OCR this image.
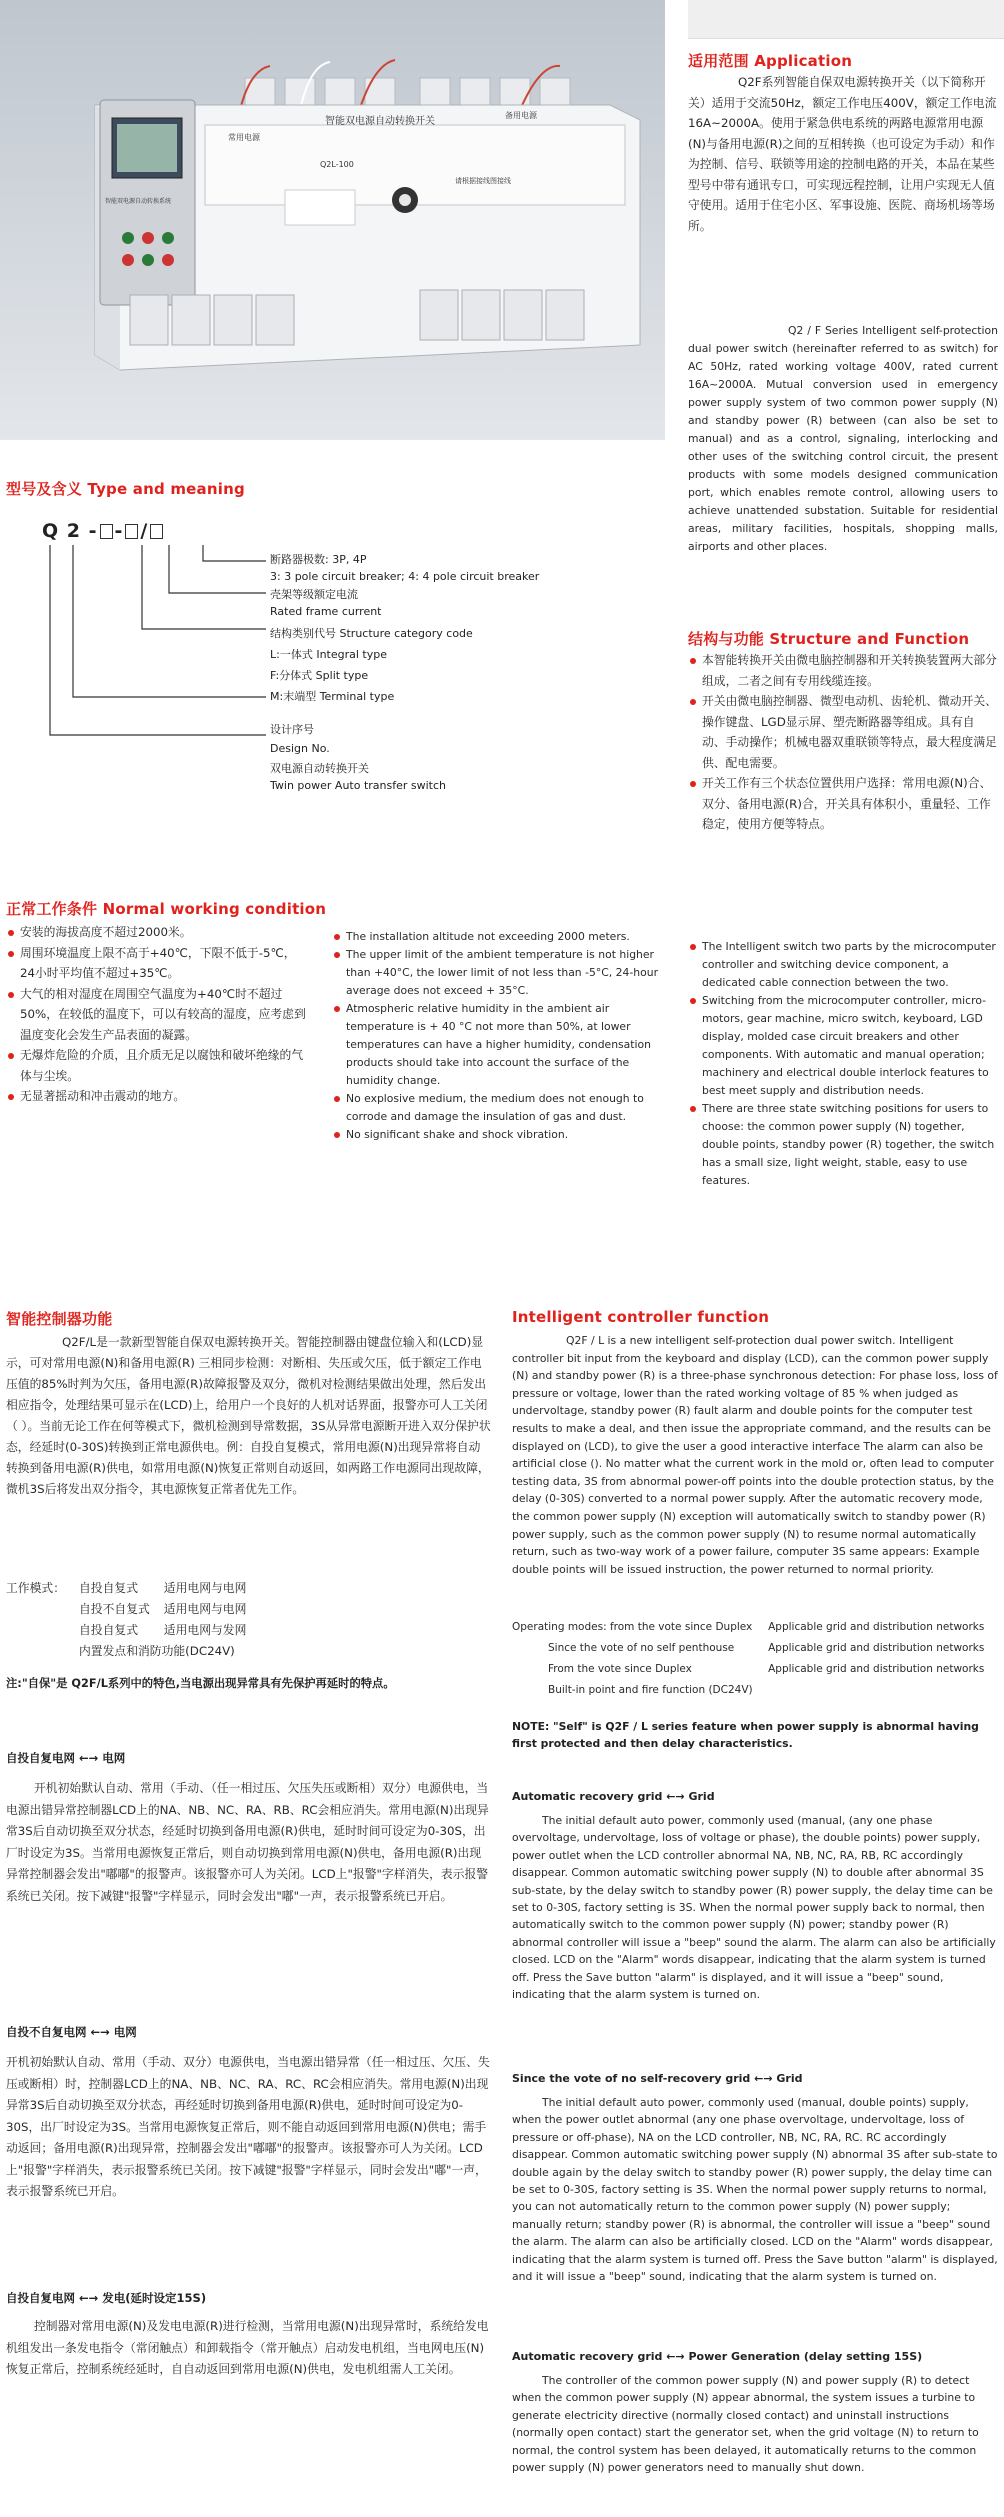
常用电源
智能双电源自动转换开关
备用电源
Q2L-100
智能双电源自动转换系统
请根据接线图接线
适用范围 Application
Q2F系列智能自保双电源转换开关（以下简称开关）适用于交流50Hz，额定工作电压400V，额定工作电流16A~2000A。使用于紧急供电系统的两路电源常用电源(N)与备用电源(R)之间的互相转换（也可设定为手动）和作为控制、信号、联锁等用途的控制电路的开关，本品在某些型号中带有通讯专口，可实现远程控制，让用户实现无人值守使用。适用于住宅小区、军事设施、医院、商场机场等场所。
Q2 / F Series Intelligent self-protection dual power switch (hereinafter referred to as switch) for AC 50Hz, rated working voltage 400V, rated current 16A~2000A. Mutual conversion used in emergency power supply system of two common power supply (N) and standby power (R) between (can also be set to manual) and as a control, signaling, interlocking and other uses of the switching control circuit, the present products with some models designed communication port, which enables remote control, allowing users to achieve unattended substation. Suitable for residential areas, military facilities, hospitals, shopping malls, airports and other places.
型号及含义 Type and meaning
Q 2 - - /
断路器极数: 3P, 4P
3: 3 pole circuit breaker; 4: 4 pole circuit breaker
壳架等级额定电流
Rated frame current
结构类别代号 Structure category code
L:一体式 Integral type
F:分体式 Split type
M:末端型 Terminal type
设计序号
Design No.
双电源自动转换开关
Twin power Auto transfer switch
结构与功能 Structure and Function
本智能转换开关由微电脑控制器和开关转换装置两大部分组成，二者之间有专用线缆连接。
开关由微电脑控制器、微型电动机、齿轮机、微动开关、操作键盘、LGD显示屏、塑壳断路器等组成。具有自动、手动操作；机械电器双重联锁等特点，最大程度满足供、配电需要。
开关工作有三个状态位置供用户选择：常用电源(N)合、双分、备用电源(R)合，开关具有体积小，重量轻、工作稳定，使用方便等特点。
The Intelligent switch two parts by the microcomputer controller and switching device component, a dedicated cable connection between the two.
Switching from the microcomputer controller, micro-motors, gear machine, micro switch, keyboard, LGD display, molded case circuit breakers and other components. With automatic and manual operation; machinery and electrical double interlock features to best meet supply and distribution needs.
There are three state switching positions for users to choose: the common power supply (N) together, double points, standby power (R) together, the switch has a small size, light weight, stable, easy to use features.
正常工作条件 Normal working condition
安装的海拔高度不超过2000米。
周围环境温度上限不高于+40℃，下限不低于-5℃，24小时平均值不超过+35℃。
大气的相对湿度在周围空气温度为+40℃时不超过50%，在较低的温度下，可以有较高的湿度，应考虑到温度变化会发生产品表面的凝露。
无爆炸危险的介质，且介质无足以腐蚀和破坏绝缘的气体与尘埃。
无显著摇动和冲击震动的地方。
The installation altitude not exceeding 2000 meters.
The upper limit of the ambient temperature is not higher than +40°C, the lower limit of not less than -5°C, 24-hour average does not exceed + 35°C.
Atmospheric relative humidity in the ambient air temperature is + 40 °C not more than 50%, at lower temperatures can have a higher humidity, condensation products should take into account the surface of the humidity change.
No explosive medium, the medium does not enough to corrode and damage the insulation of gas and dust.
No significant shake and shock vibration.
智能控制器功能
Q2F/L是一款新型智能自保双电源转换开关。智能控制器由键盘位输入和(LCD)显示，可对常用电源(N)和备用电源(R) 三相同步检测：对断相、失压或欠压，低于额定工作电压值的85%时判为欠压，备用电源(R)故障报警及双分，微机对检测结果做出处理，然后发出相应指令，处理结果可显示在(LCD)上，给用户一个良好的人机对话界面，报警亦可人工关闭（ ）。当前无论工作在何等模式下，微机检测到导常数据，3S从异常电源断开进入双分保护状态，经延时(0-30S)转换到正常电源供电。例：自投自复模式，常用电源(N)出现异常将自动转换到备用电源(R)供电，如常用电源(N)恢复正常则自动返回，如两路工作电源同出现故障，微机3S后将发出双分指令，其电源恢复正常者优先工作。
工作模式：	自投自复式	适用电网与电网
	自投不自复式	适用电网与电网
	自投自复式	适用电网与发网
	内置发点和消防功能(DC24V)	
注:"自保"是 Q2F/L系列中的特色,当电源出现异常具有先保护再延时的特点。
自投自复电网 ←→ 电网
开机初始默认自动、常用（手动、（任一相过压、欠压失压或断相）双分）电源供电，当电源出错异常控制器LCD上的NA、NB、NC、RA、RB、RC会相应消失。常用电源(N)出现异常3S后自动切换至双分状态，经延时切换到备用电源(R)供电，延时时间可设定为0-30S，出厂时设定为3S。当常用电源恢复正常后，则自动切换到常用电源(N)供电，备用电源(R)出现异常控制器会发出"嘟嘟"的报警声。该报警亦可人为关闭。LCD上"报警"字样消失，表示报警系统已关闭。按下减键"报警"字样显示，同时会发出"嘟"一声，表示报警系统已开启。
自投不自复电网 ←→ 电网
开机初始默认自动、常用（手动、双分）电源供电，当电源出错异常（任一相过压、欠压、失压或断相）时，控制器LCD上的NA、NB、NC、RA、RC、RC会相应消失。常用电源(N)出现异常3S后自动切换至双分状态，再经延时切换到备用电源(R)供电，延时时间可设定为0-30S，出厂时设定为3S。当常用电源恢复正常后，则不能自动返回到常用电源(N)供电；需手动返回；备用电源(R)出现异常，控制器会发出"嘟嘟"的报警声。该报警亦可人为关闭。LCD上"报警"字样消失，表示报警系统已关闭。按下减键"报警"字样显示，同时会发出"嘟"一声，表示报警系统已开启。
自投自复电网 ←→ 发电(延时设定15S)
控制器对常用电源(N)及发电电源(R)进行检测，当常用电源(N)出现异常时，系统给发电机组发出一条发电指令（常闭触点）和卸载指令（常开触点）启动发电机组，当电网电压(N)恢复正常后，控制系统经延时，自自动返回到常用电源(N)供电，发电机组需人工关闭。
Intelligent controller function
Q2F / L is a new intelligent self-protection dual power switch. Intelligent controller bit input from the keyboard and display (LCD), can the common power supply (N) and standby power (R) is a three-phase synchronous detection: For phase loss, loss of pressure or voltage, lower than the rated working voltage of 85 % when judged as undervoltage, standby power (R) fault alarm and double points for the computer test results to make a deal, and then issue the appropriate command, and the results can be displayed on (LCD), to give the user a good interactive interface The alarm can also be artificial close (). No matter what the current work in the mold or, often lead to computer testing data, 3S from abnormal power-off points into the double protection status, by the delay (0-30S) converted to a normal power supply. After the automatic recovery mode, the common power supply (N) exception will automatically switch to standby power (R) power supply, such as the common power supply (N) to resume normal automatically return, such as two-way work of a power failure, computer 3S same appears: Example double points will be issued instruction, the power returned to normal priority.
Operating modes: from the vote since Duplex	Applicable grid and distribution networks
Since the vote of no self penthouse	Applicable grid and distribution networks
From the vote since Duplex	Applicable grid and distribution networks
Built-in point and fire function (DC24V)	
NOTE: "Self" is Q2F / L series feature when power supply is abnormal having first protected and then delay characteristics.
Automatic recovery grid ←→ Grid
The initial default auto power, commonly used (manual, (any one phase overvoltage, undervoltage, loss of voltage or phase), the double points) power supply, power outlet when the LCD controller abnormal NA, NB, NC, RA, RB, RC accordingly disappear. Common automatic switching power supply (N) to double after abnormal 3S sub-state, by the delay switch to standby power (R) power supply, the delay time can be set to 0-30S, factory setting is 3S. When the normal power supply back to normal, then automatically switch to the common power supply (N) power; standby power (R) abnormal controller will issue a "beep" sound the alarm. The alarm can also be artificially closed. LCD on the "Alarm" words disappear, indicating that the alarm system is turned off. Press the Save button "alarm" is displayed, and it will issue a "beep" sound, indicating that the alarm system is turned on.
Since the vote of no self-recovery grid ←→ Grid
The initial default auto power, commonly used (manual, double points) supply, when the power outlet abnormal (any one phase overvoltage, undervoltage, loss of pressure or off-phase), NA on the LCD controller, NB, NC, RA, RC. RC accordingly disappear. Common automatic switching power supply (N) abnormal 3S after sub-state to double again by the delay switch to standby power (R) power supply, the delay time can be set to 0-30S, factory setting is 3S. When the normal power supply returns to normal, you can not automatically return to the common power supply (N) power supply; manually return; standby power (R) is abnormal, the controller will issue a "beep" sound the alarm. The alarm can also be artificially closed. LCD on the "Alarm" words disappear, indicating that the alarm system is turned off. Press the Save button "alarm" is displayed, and it will issue a "beep" sound, indicating that the alarm system is turned on.
Automatic recovery grid ←→ Power Generation (delay setting 15S)
The controller of the common power supply (N) and power supply (R) to detect when the common power supply (N) appear abnormal, the system issues a turbine to generate electricity directive (normally closed contact) and uninstall instructions (normally open contact) start the generator set, when the grid voltage (N) to return to normal, the control system has been delayed, it automatically returns to the common power supply (N) power generators need to manually shut down.
